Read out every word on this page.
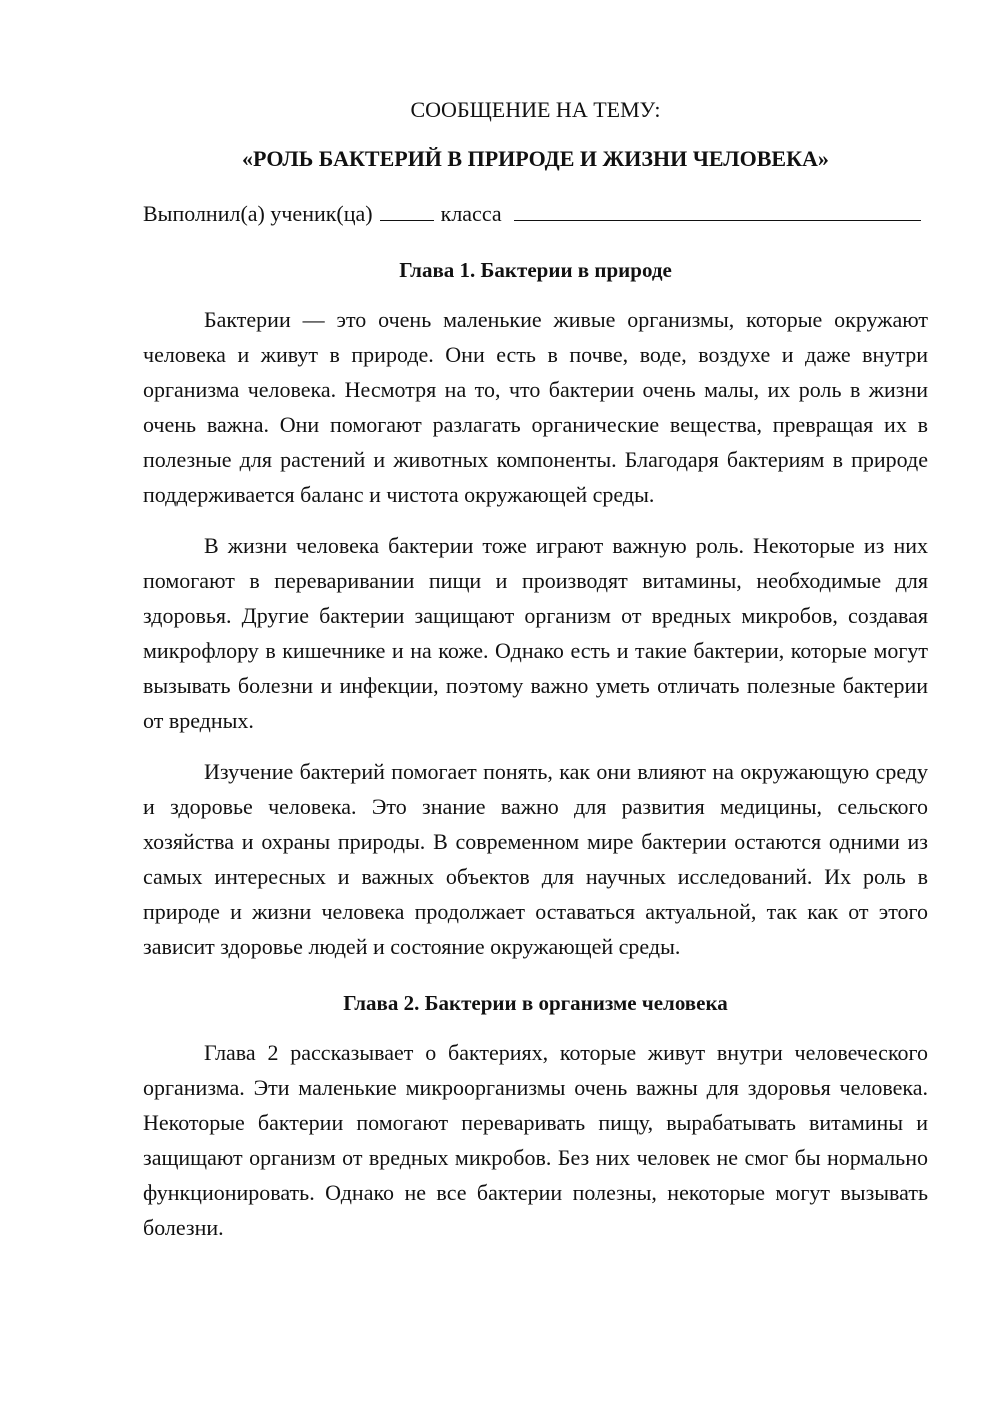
СООБЩЕНИЕ НА ТЕМУ:

«РОЛЬ БАКТЕРИЙ В ПРИРОДЕ И ЖИЗНИ ЧЕЛОВЕКА»

Выполнил(а) ученик(ца)	класса
Глава 1. Бактерии в природе

Бактерии — это очень маленькие живые организмы, которые окружают человека и живут в природе. Они есть в почве, воде, воздухе и даже внутри организма человека. Несмотря на то, что бактерии очень малы, их роль в жизни очень важна. Они помогают разлагать органические вещества, превращая их в полезные для растений и животных компоненты. Благодаря бактериям в природе поддерживается баланс и чистота окружающей среды.

В жизни человека бактерии тоже играют важную роль. Некоторые из них помогают в переваривании пищи и производят витамины, необходимые для здоровья. Другие бактерии защищают организм от вредных микробов, создавая микрофлору в кишечнике и на коже. Однако есть и такие бактерии, которые могут вызывать болезни и инфекции, поэтому важно уметь отличать полезные бактерии от вредных.

Изучение бактерий помогает понять, как они влияют на окружающую среду и здоровье человека. Это знание важно для развития медицины, сельского хозяйства и охраны природы. В современном мире бактерии остаются одними из самых интересных и важных объектов для научных исследований. Их роль в природе и жизни человека продолжает оставаться актуальной, так как от этого зависит здоровье людей и состояние окружающей среды.

Глава 2. Бактерии в организме человека

Глава 2 рассказывает о бактериях, которые живут внутри человеческого организма. Эти маленькие микроорганизмы очень важны для здоровья человека. Некоторые бактерии помогают переваривать пищу, вырабатывать витамины и защищают организм от вредных микробов. Без них человек не смог бы нормально функционировать. Однако не все бактерии полезны, некоторые могут вызывать болезни.
